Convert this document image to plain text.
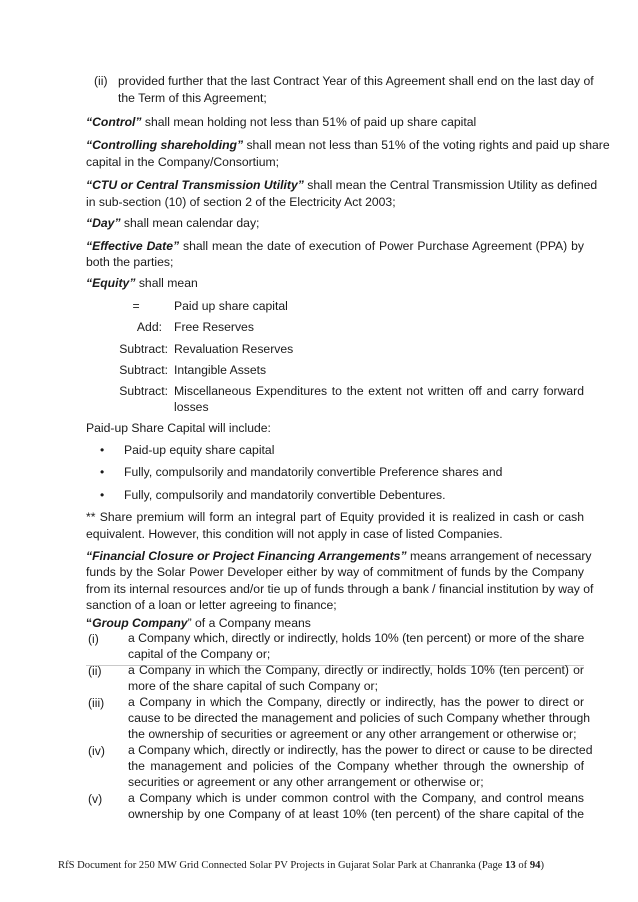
(ii) provided further that the last Contract Year of this Agreement shall end on the last day of
the Term of this Agreement;
“Control” shall mean holding not less than 51% of paid up share capital
“Controlling shareholding” shall mean not less than 51% of the voting rights and paid up share
capital in the Company/Consortium;
“CTU or Central Transmission Utility” shall mean the Central Transmission Utility as defined
in sub-section (10) of section 2 of the Electricity Act 2003;
“Day” shall mean calendar day;
“Effective Date” shall mean the date of execution of Power Purchase Agreement (PPA) by
both the parties;
“Equity” shall mean
=	Paid up share capital
Add: Free Reserves
Subtract: Revaluation Reserves
Subtract: Intangible Assets
Subtract: Miscellaneous Expenditures to the extent not written off and carry forward
losses
Paid-up Share Capital will include:
• Paid-up equity share capital
• Fully, compulsorily and mandatorily convertible Preference shares and
• Fully, compulsorily and mandatorily convertible Debentures.
** Share premium will form an integral part of Equity provided it is realized in cash or cash
equivalent. However, this condition will not apply in case of listed Companies.
“Financial Closure or Project Financing Arrangements” means arrangement of necessary
funds by the Solar Power Developer either by way of commitment of funds by the Company
from its internal resources and/or tie up of funds through a bank / financial institution by way of
sanction of a loan or letter agreeing to finance;
“Group Company” of a Company means
(i) a Company which, directly or indirectly, holds 10% (ten percent) or more of the share
capital of the Company or;
(ii) a Company in which the Company, directly or indirectly, holds 10% (ten percent) or
more of the share capital of such Company or;
(iii) a Company in which the Company, directly or indirectly, has the power to direct or
cause to be directed the management and policies of such Company whether through
the ownership of securities or agreement or any other arrangement or otherwise or;
(iv) a Company which, directly or indirectly, has the power to direct or cause to be directed
the management and policies of the Company whether through the ownership of
securities or agreement or any other arrangement or otherwise or;
(v) a Company which is under common control with the Company, and control means
ownership by one Company of at least 10% (ten percent) of the share capital of the
RfS Document for 250 MW Grid Connected Solar PV Projects in Gujarat Solar Park at Chanranka (Page 13 of 94)
